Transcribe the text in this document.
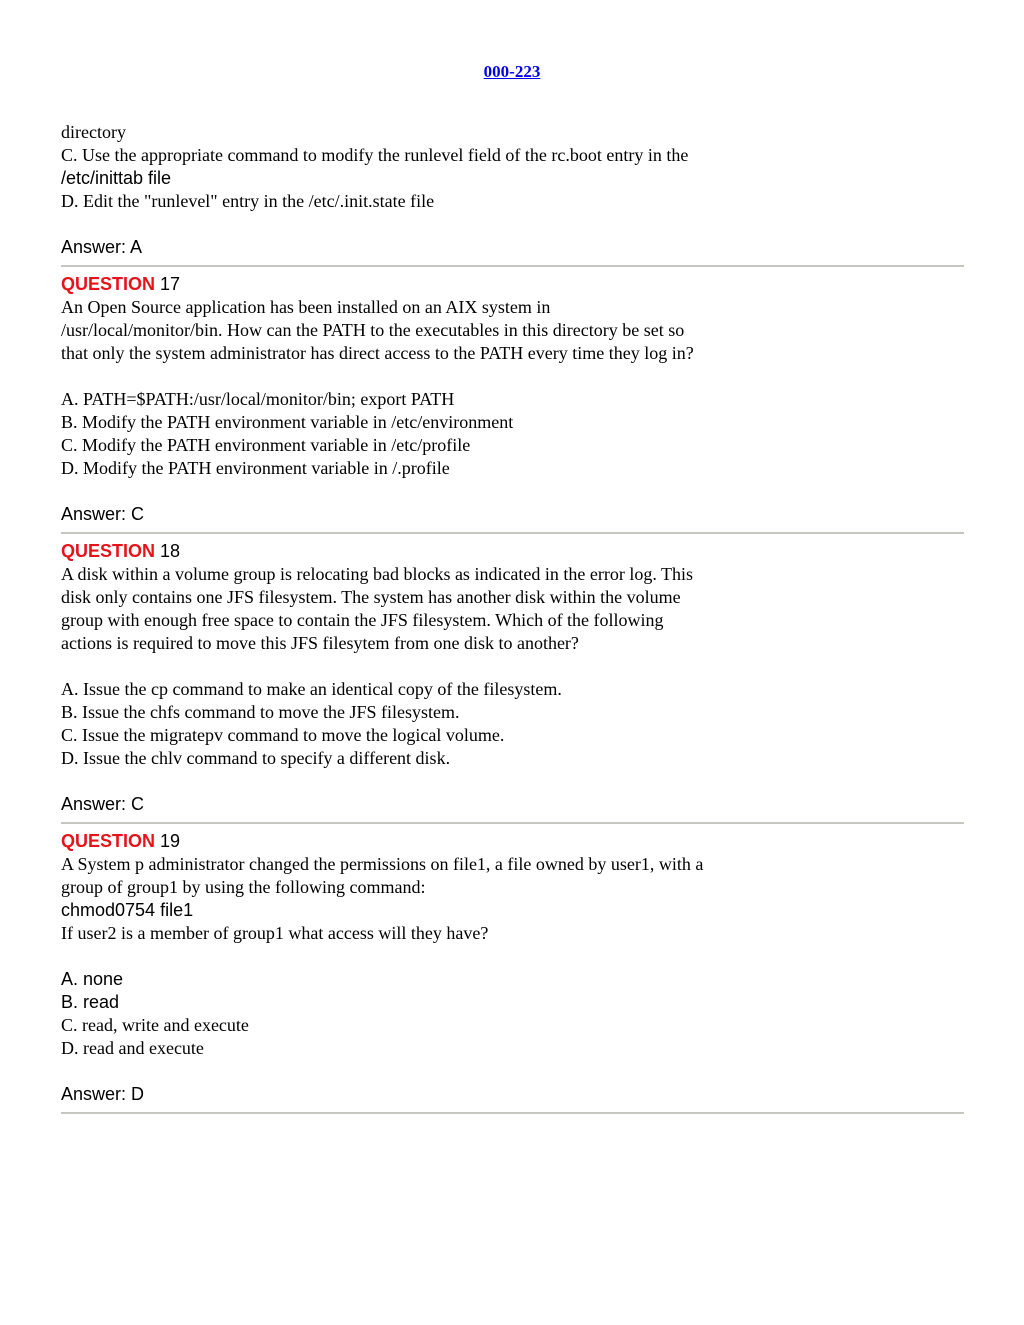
000-223
directory
C. Use the appropriate command to modify the runlevel field of the rc.boot entry in the
/etc/inittab file
D. Edit the "runlevel" entry in the /etc/.init.state file
Answer: A
QUESTION 17
An Open Source application has been installed on an AIX system in
/usr/local/monitor/bin. How can the PATH to the executables in this directory be set so
that only the system administrator has direct access to the PATH every time they log in?
A. PATH=$PATH:/usr/local/monitor/bin; export PATH
B. Modify the PATH environment variable in /etc/environment
C. Modify the PATH environment variable in /etc/profile
D. Modify the PATH environment variable in /.profile
Answer: C
QUESTION 18
A disk within a volume group is relocating bad blocks as indicated in the error log. This
disk only contains one JFS filesystem. The system has another disk within the volume
group with enough free space to contain the JFS filesystem. Which of the following
actions is required to move this JFS filesytem from one disk to another?
A. Issue the cp command to make an identical copy of the filesystem.
B. Issue the chfs command to move the JFS filesystem.
C. Issue the migratepv command to move the logical volume.
D. Issue the chlv command to specify a different disk.
Answer: C
QUESTION 19
A System p administrator changed the permissions on file1, a file owned by user1, with a
group of group1 by using the following command:
chmod0754 file1
If user2 is a member of group1 what access will they have?
A. none
B. read
C. read, write and execute
D. read and execute
Answer: D
